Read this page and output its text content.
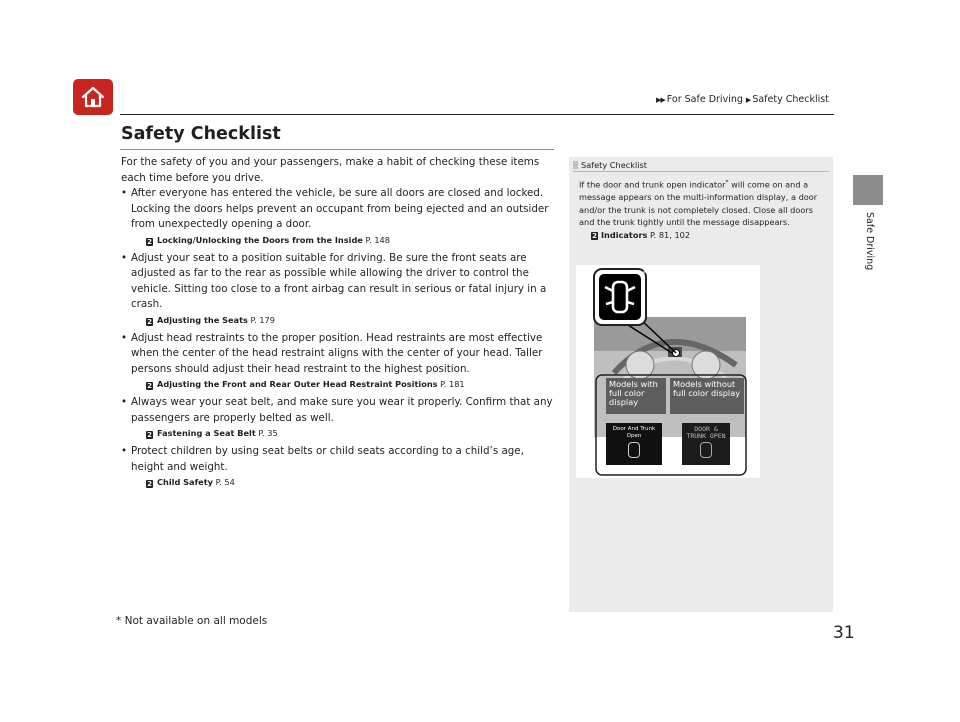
▶▶ For Safe Driving ▶ Safety Checklist
Safe Driving
Safety Checklist

For the safety of you and your passengers, make a habit of checking these items each time before you drive.

• After everyone has entered the vehicle, be sure all doors are closed and locked. Locking the doors helps prevent an occupant from being ejected and an outsider from unexpectedly opening a door.
2 Locking/Unlocking the Doors from the Inside P. 148
• Adjust your seat to a position suitable for driving. Be sure the front seats are adjusted as far to the rear as possible while allowing the driver to control the vehicle. Sitting too close to a front airbag can result in serious or fatal injury in a crash.
2 Adjusting the Seats P. 179
• Adjust head restraints to the proper position. Head restraints are most effective when the center of the head restraint aligns with the center of your head. Taller persons should adjust their head restraint to the highest position.
2 Adjusting the Front and Rear Outer Head Restraint Positions P. 181
• Always wear your seat belt, and make sure you wear it properly. Confirm that any passengers are properly belted as well.
2 Fastening a Seat Belt P. 35
• Protect children by using seat belts or child seats according to a child’s age, height and weight.
2 Child Safety P. 54
Safety Checklist

If the door and trunk open indicator* will come on and a message appears on the multi-information display, a door and/or the trunk is not completely closed. Close all doors and the trunk tightly until the message disappears.

2 Indicators P. 81, 102

*
Models with full color display
Models without full color display
Door And Trunk Open
DOOR & TRUNK OPEN
* Not available on all models
31
